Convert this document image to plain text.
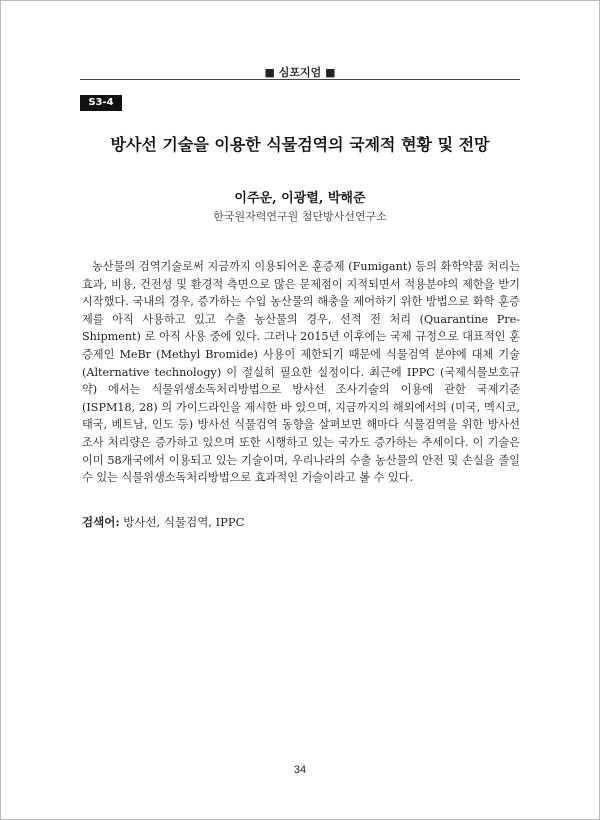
■ 심포지엄 ■
S3-4
방사선 기술을 이용한 식물검역의 국제적 현황 및 전망
이주운, 이광렬, 박해준
한국원자력연구원 첨단방사선연구소
농산물의 검역기술로써 지금까지 이용되어온 훈증제 (Fumigant) 등의 화학약품 처리는 효과, 비용, 건전성 및 환경적 측면으로 많은 문제점이 지적되면서 적용분야의 제한을 받기 시작했다. 국내의 경우, 증가하는 수입 농산물의 해충을 제어하기 위한 방법으로 화학 훈증제를 아직 사용하고 있고 수출 농산물의 경우, 선적 전 처리 (Quarantine Pre-Shipment) 로 아직 사용 중에 있다. 그러나 2015년 이후에는 국제 규정으로 대표적인 훈증제인 MeBr (Methyl Bromide) 사용이 제한되기 때문에 식물검역 분야에 대체 기술 (Alternative technology) 이 절실히 필요한 실정이다. 최근에 IPPC (국제식물보호규약) 에서는 식물위생소독처리방법으로 방사선 조사기술의 이용에 관한 국제기준 (ISPM18, 28) 의 가이드라인을 제시한 바 있으며, 지금까지의 해외에서의 (미국, 멕시코, 태국, 베트남, 인도 등) 방사선 식물검역 동향을 살펴보면 해마다 식물검역을 위한 방사선 조사 처리량은 증가하고 있으며 또한 시행하고 있는 국가도 증가하는 추세이다. 이 기술은 이미 58개국에서 이용되고 있는 기술이며, 우리나라의 수출 농산물의 안전 및 손실을 줄일 수 있는 식물위생소독처리방법으로 효과적인 기술이라고 볼 수 있다.
검색어: 방사선, 식물검역, IPPC
34
